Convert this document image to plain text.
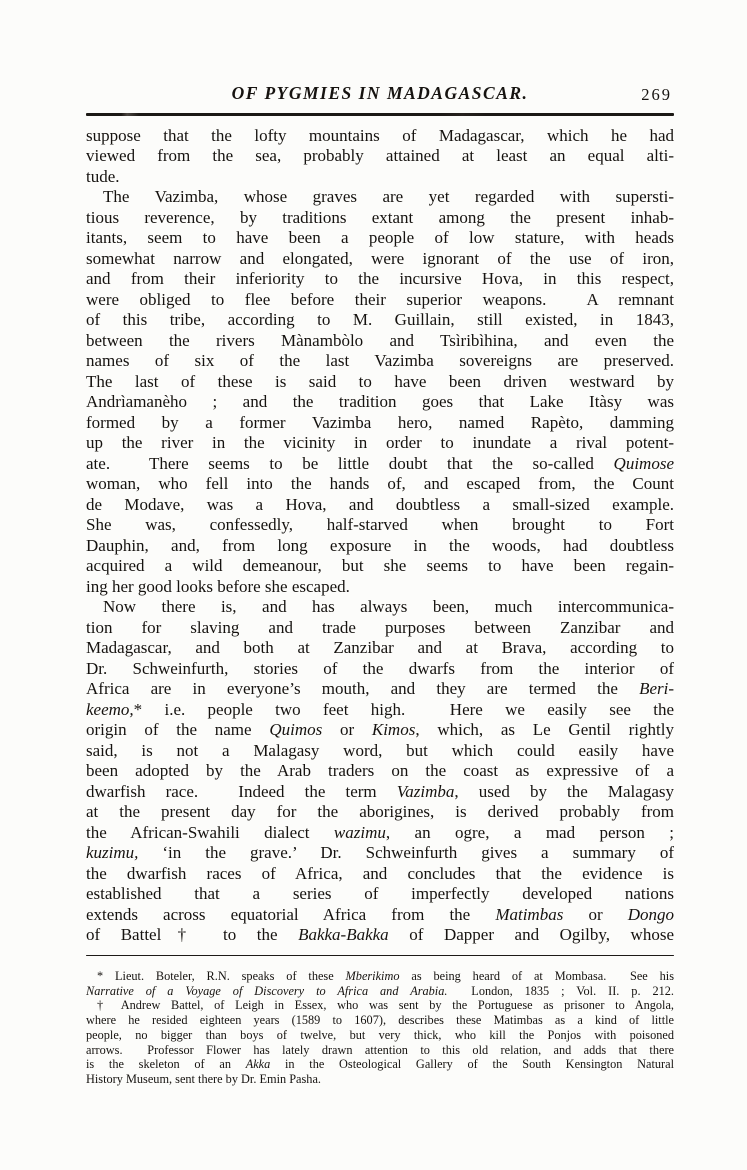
OF PYGMIES IN MADAGASCAR.	269
suppose that the lofty mountains of Madagascar, which he had
viewed from the sea, probably attained at least an equal alti-
tude.
The Vazimba, whose graves are yet regarded with supersti-
tious reverence, by traditions extant among the present inhab-
itants, seem to have been a people of low stature, with heads
somewhat narrow and elongated, were ignorant of the use of iron,
and from their inferiority to the incursive Hova, in this respect,
were obliged to flee before their superior weapons.  A remnant
of this tribe, according to M. Guillain, still existed, in 1843,
between the rivers Mànambòlo and Tsìribìhina, and even the
names of six of the last Vazimba sovereigns are preserved.
The last of these is said to have been driven westward by
Andrìamanèho ; and the tradition goes that Lake Itàsy was
formed by a former Vazimba hero, named Rapèto, damming
up the river in the vicinity in order to inundate a rival potent-
ate.  There seems to be little doubt that the so-called Quimose
woman, who fell into the hands of, and escaped from, the Count
de Modave, was a Hova, and doubtless a small-sized example.
She was, confessedly, half-starved when brought to Fort
Dauphin, and, from long exposure in the woods, had doubtless
acquired a wild demeanour, but she seems to have been regain-
ing her good looks before she escaped.
Now there is, and has always been, much intercommunica-
tion for slaving and trade purposes between Zanzibar and
Madagascar, and both at Zanzibar and at Brava, according to
Dr. Schweinfurth, stories of the dwarfs from the interior of
Africa are in everyone’s mouth, and they are termed the Beri-
keemo,* i.e. people two feet high.  Here we easily see the
origin of the name Quimos or Kimos, which, as Le Gentil rightly
said, is not a Malagasy word, but which could easily have
been adopted by the Arab traders on the coast as expressive of a
dwarfish race.  Indeed the term Vazimba, used by the Malagasy
at the present day for the aborigines, is derived probably from
the African-Swahili dialect wazimu, an ogre, a mad person ;
kuzimu, ‘in the grave.’ Dr. Schweinfurth gives a summary of
the dwarfish races of Africa, and concludes that the evidence is
established that a series of imperfectly developed nations
extends across equatorial Africa from the Matimbas or Dongo
of Battel† to the Bakka-Bakka of Dapper and Ogilby, whose
* Lieut. Boteler, R.N. speaks of these Mberikimo as being heard of at Mombasa.  See his
Narrative of a Voyage of Discovery to Africa and Arabia.  London, 1835 ; Vol. II. p. 212.
† Andrew Battel, of Leigh in Essex, who was sent by the Portuguese as prisoner to Angola,
where he resided eighteen years (1589 to 1607), describes these Matimbas as a kind of little
people, no bigger than boys of twelve, but very thick, who kill the Ponjos with poisoned
arrows.  Professor Flower has lately drawn attention to this old relation, and adds that there
is the skeleton of an Akka in the Osteological Gallery of the South Kensington Natural
History Museum, sent there by Dr. Emin Pasha.
